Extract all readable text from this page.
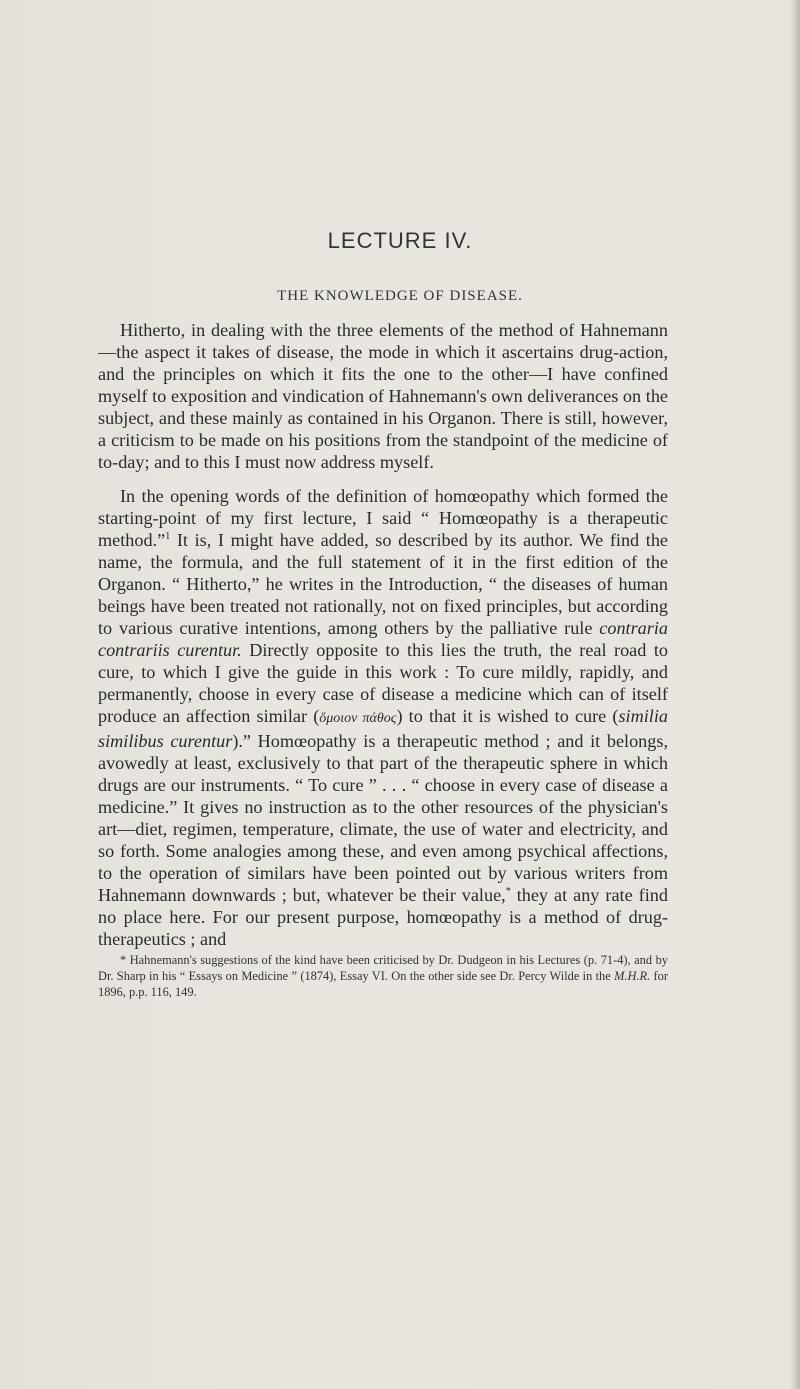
LECTURE IV.
THE KNOWLEDGE OF DISEASE.

Hitherto, in dealing with the three elements of the method of Hahnemann—the aspect it takes of disease, the mode in which it ascertains drug-action, and the principles on which it fits the one to the other—I have confined myself to exposition and vindication of Hahnemann's own deliverances on the subject, and these mainly as contained in his Organon. There is still, however, a criticism to be made on his positions from the standpoint of the medicine of to-day; and to this I must now address myself.

In the opening words of the definition of homœopathy which formed the starting-point of my first lecture, I said “ Homœopathy is a therapeutic method.”$^1$ It is, I might have added, so described by its author. We find the name, the formula, and the full statement of it in the first edition of the Organon. “ Hitherto,” he writes in the Introduction, “ the diseases of human beings have been treated not rationally, not on fixed principles, but according to various curative intentions, among others by the palliative rule contraria contrariis curentur. Directly opposite to this lies the truth, the real road to cure, to which I give the guide in this work : To cure mildly, rapidly, and permanently, choose in every case of disease a medicine which can of itself produce an affection similar (ὅμοιον πάθος) to that it is wished to cure (similia similibus curentur).” Homœopathy is a therapeutic method ; and it belongs, avowedly at least, exclusively to that part of the therapeutic sphere in which drugs are our instruments. “ To cure ” . . . “ choose in every case of disease a medicine.” It gives no instruction as to the other resources of the physician's art—diet, regimen, temperature, climate, the use of water and electricity, and so forth. Some analogies among these, and even among psychical affections, to the operation of similars have been pointed out by various writers from Hahnemann downwards ; but, whatever be their value,* they at any rate find no place here. For our present purpose, homœopathy is a method of drug-therapeutics ; and

* Hahnemann's suggestions of the kind have been criticised by Dr. Dudgeon in his Lectures (p. 71-4), and by Dr. Sharp in his “ Essays on Medicine ” (1874), Essay VI. On the other side see Dr. Percy Wilde in the M.H.R. for 1896, p.p. 116, 149.
